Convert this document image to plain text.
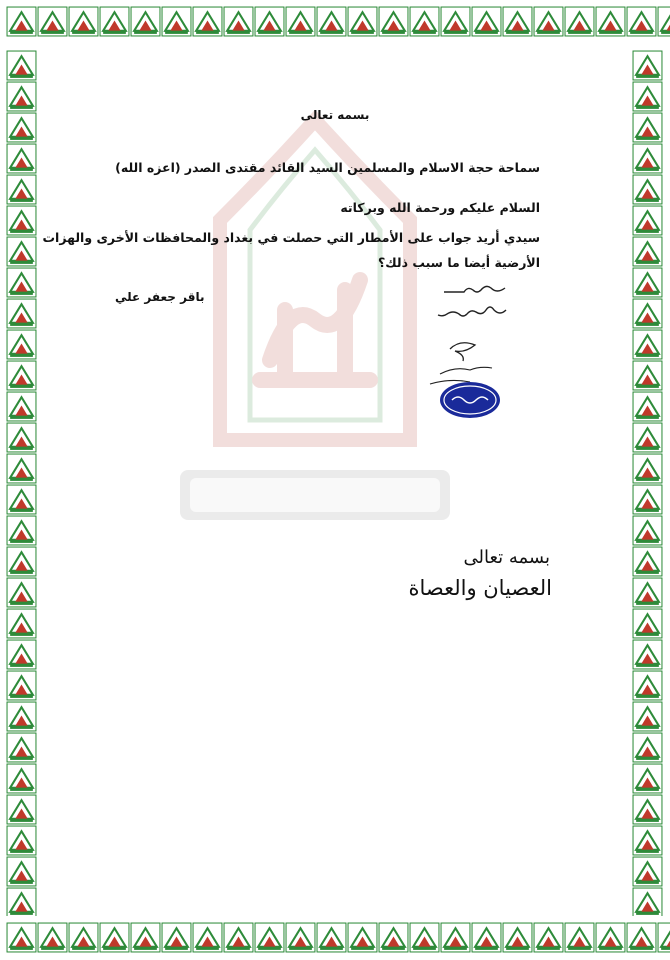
بسمه تعالى
سماحة حجة الاسلام والمسلمين السيد القائد مقتدى الصدر (اعزه الله)
السلام عليكم ورحمة الله وبركاته
سيدي أريد جواب على الأمطار التي حصلت في بغداد والمحافظات الأخرى والهزات
الأرضية أيضا ما سبب ذلك؟
باقر جعفر علي
بسمه تعالى
العصيان والعصاة
